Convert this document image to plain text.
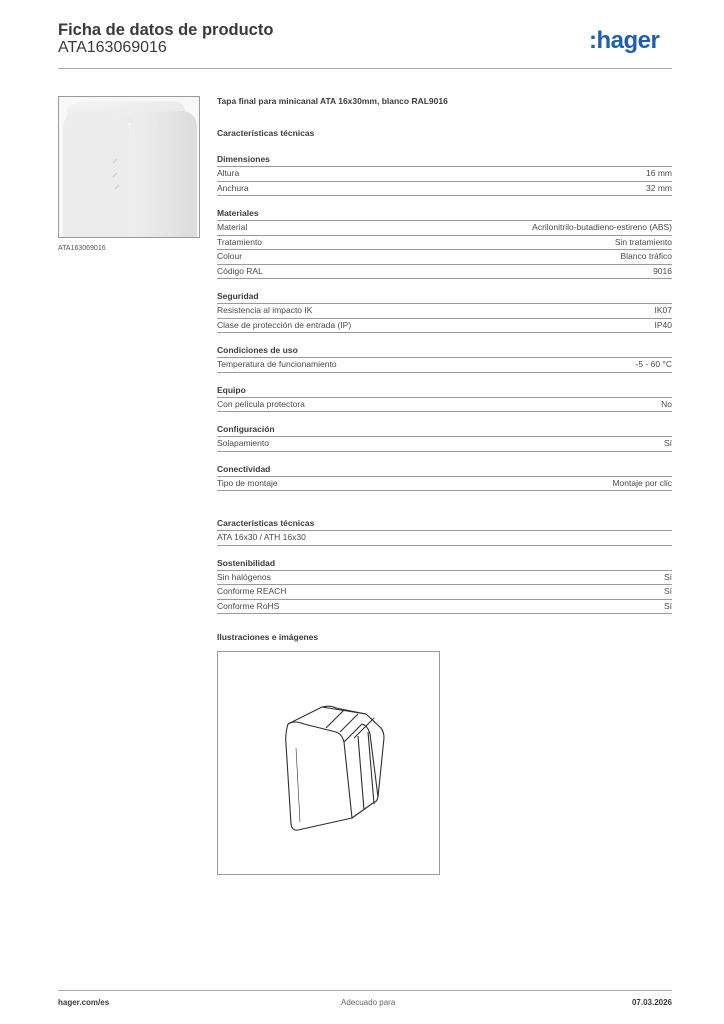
Ficha de datos de producto
ATA163069016	:hager
ATA163069016
Tapa final para minicanal ATA 16x30mm, blanco RAL9016
Características técnicas
Dimensiones
Altura	16 mm
Anchura	32 mm
Materiales
Material	Acrilonitrilo-butadieno-estireno (ABS)
Tratamiento	Sin tratamiento
Colour	Blanco tráfico
Código RAL	9016
Seguridad
Resistencia al impacto IK	IK07
Clase de protección de entrada (IP)	IP40
Condiciones de uso
Temperatura de funcionamiento	-5 - 60 °C
Equipo
Con película protectora	No
Configuración
Solapamiento	Sí
Conectividad
Tipo de montaje	Montaje por clic
Características técnicas
ATA 16x30 / ATH 16x30
Sostenibilidad
Sin halógenos	Sí
Conforme REACH	Sí
Conforme RoHS	Sí
Ilustraciones e imágenes
hager.com/es	Adecuado para	07.03.2026
